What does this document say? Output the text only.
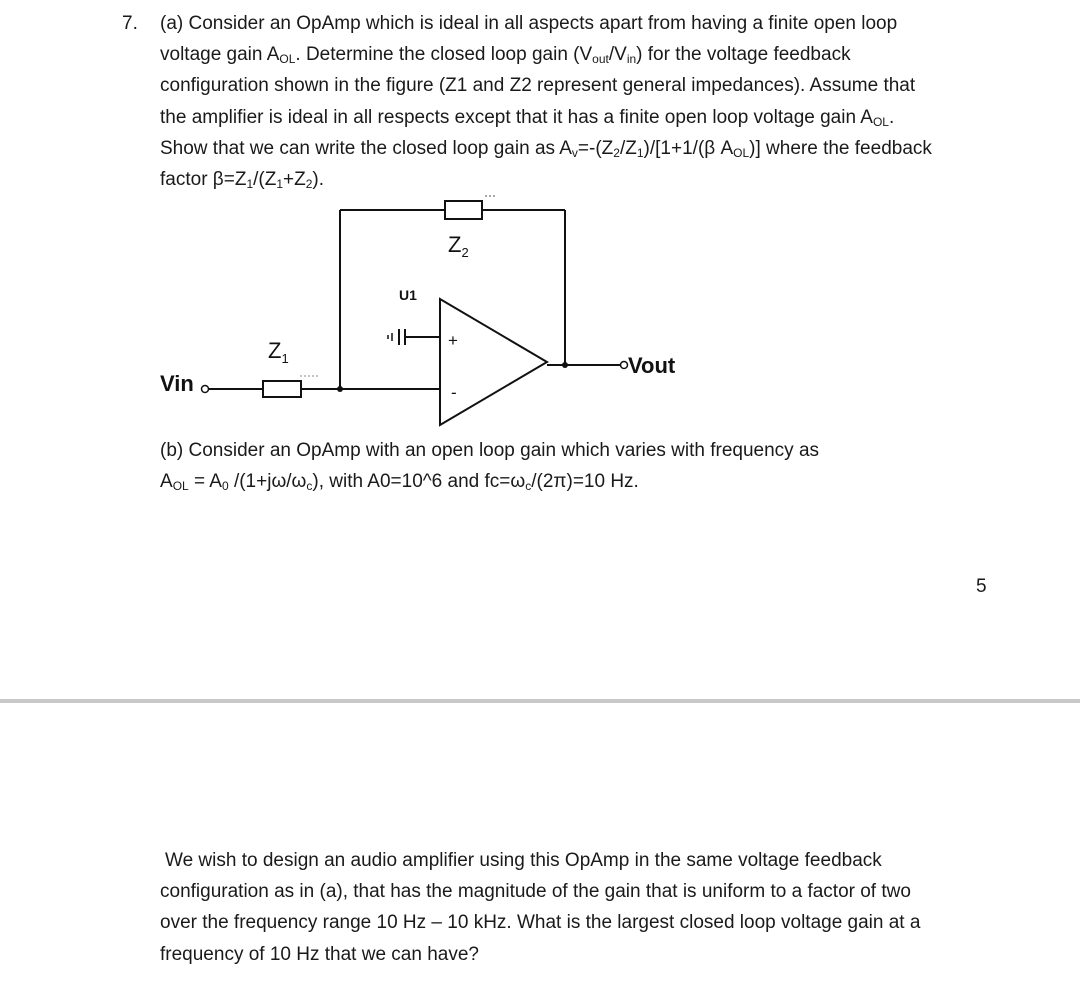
7. (a) Consider an OpAmp which is ideal in all aspects apart from having a finite open loop
voltage gain $A_{OL}$. Determine the closed loop gain $(V_{out}/V_{in})$ for the voltage feedback
configuration shown in the figure (Z1 and Z2 represent general impedances). Assume that
the amplifier is ideal in all respects except that it has a finite open loop voltage gain $A_{OL}$.
Show that we can write the closed loop gain as $A_v=-(Z_2/Z_1)/[1+1/(\beta$ $A_{OL}$)] where the feedback
factor $\beta=Z_1/(Z_1+Z_2)$.
$Z_2$
$Z_1$
Vin
U1
+
-
Vout
(b) Consider an OpAmp with an open loop gain which varies with frequency as
$A_{OL} = A_0$ $/(1+j\omega/\omega_c)$, with A0=10^6 and $fc=\omega_c/(2\pi)=10$ Hz.
5
We wish to design an audio amplifier using this OpAmp in the same voltage feedback
configuration as in (a), that has the magnitude of the gain that is uniform to a factor of two
over the frequency range 10 Hz – 10 kHz. What is the largest closed loop voltage gain at a
frequency of 10 Hz that we can have?
